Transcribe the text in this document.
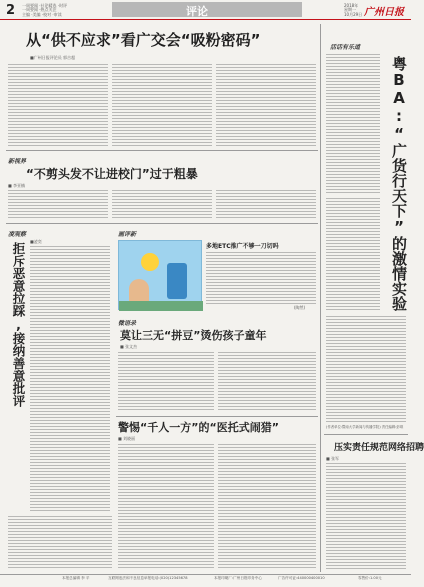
2 一周要闻 ·社论精选 ·时评
一周要闻 ·热点关注
主编 ·美编 ·校对 ·审读	评论	2018年
星期一
10月29日 广州日报
从“供不应求”看广交会“吸粉密码”
■广州日报评论员 郭吉超
新视界
“不剪头发不让进校门”过于粗暴
■ 李亚楠
凌观察
拒斥恶意拉踩,接纳善意批评
■凌奕
画评新
多地ETC推广不够一刀切吗
(陶然)
微语录
莫让三无“拼豆”烫伤孩子童年
■ 张文杰
警惕“千人一方”的“医托式闹猎”
■ 刘晓丽
活话有乐道
粤BA:“广货行天下”的激情实验
(作者单位:暨南大学新闻与传播学院) 责任编辑:彭琪
压实责任规范网络招聘
■ 张军
本报总编辑 李 平	互联网违法和不良信息举报电话:(020)12345678	本报印刷厂:广州日报印务中心	广告许可证:440000400010	零售价:1.00元
